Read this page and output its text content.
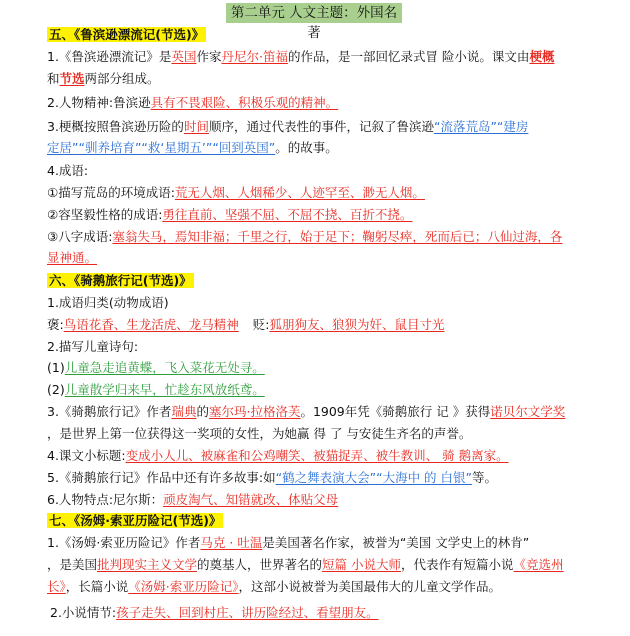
第二单元 人文主题：外国名著
五、《鲁滨逊漂流记(节选)》
1.《鲁滨逊漂流记》是英国作家丹尼尔·笛福的作品，是一部回忆录式冒 险小说。课文由梗概
和节选两部分组成。
2.人物精神:鲁滨逊具有不畏艰险、积极乐观的精神。
3.梗概按照鲁滨逊历险的时间顺序，通过代表性的事件，记叙了鲁滨逊“流落荒岛”“建房
定居”“驯养培育”“救‘星期五’”“回到英国”。的故事。
4.成语:
①描写荒岛的环境成语:荒无人烟、人烟稀少、人迹罕至、渺无人烟。
②容坚毅性格的成语:勇往直前、坚强不屈、不屈不挠、百折不挠。
③八字成语:塞翁失马，焉知非福；千里之行，始于足下；鞠躬尽瘁，死而后已；八仙过海，各
显神通。
六、《骑鹅旅行记(节选)》
1.成语归类(动物成语)
褒:鸟语花香、生龙活虎、龙马精神 贬:狐朋狗友、狼狈为奸、鼠目寸光
2.描写儿童诗句:
(1)儿童急走追黄蝶，飞入菜花无处寻。
(2)儿童散学归来早，忙趁东风放纸鸢。
3.《骑鹅旅行记》作者瑞典的塞尔玛·拉格洛芙。1909年凭《骑鹅旅行 记 》获得诺贝尔文学奖
，是世界上第一位获得这一奖项的女性，为她赢 得 了 与安徒生齐名的声誉。
4.课文小标题:变成小人儿、被麻雀和公鸡嘲笑、被猫捉弄、被牛教训、 骑 鹅离家。
5.《骑鹅旅行记》作品中还有许多故事:如“鹤之舞表演大会”“大海中 的 白银”等。
6.人物特点:尼尔斯：顽皮淘气、知错就改、体贴父母
七、《汤姆·索亚历险记(节选)》
1.《汤姆·索亚历险记》作者马克 · 吐温是美国著名作家，被誉为“美国 文学史上的林肯”
，是美国批判现实主义文学的奠基人，世界著名的短篇 小说大师，代表作有短篇小说《竞选州
长》，长篇小说《汤姆·索亚历险记》，这部小说被誉为美国最伟大的儿童文学作品。
2.小说情节:孩子走失、回到村庄、讲历险经过、看望朋友。
